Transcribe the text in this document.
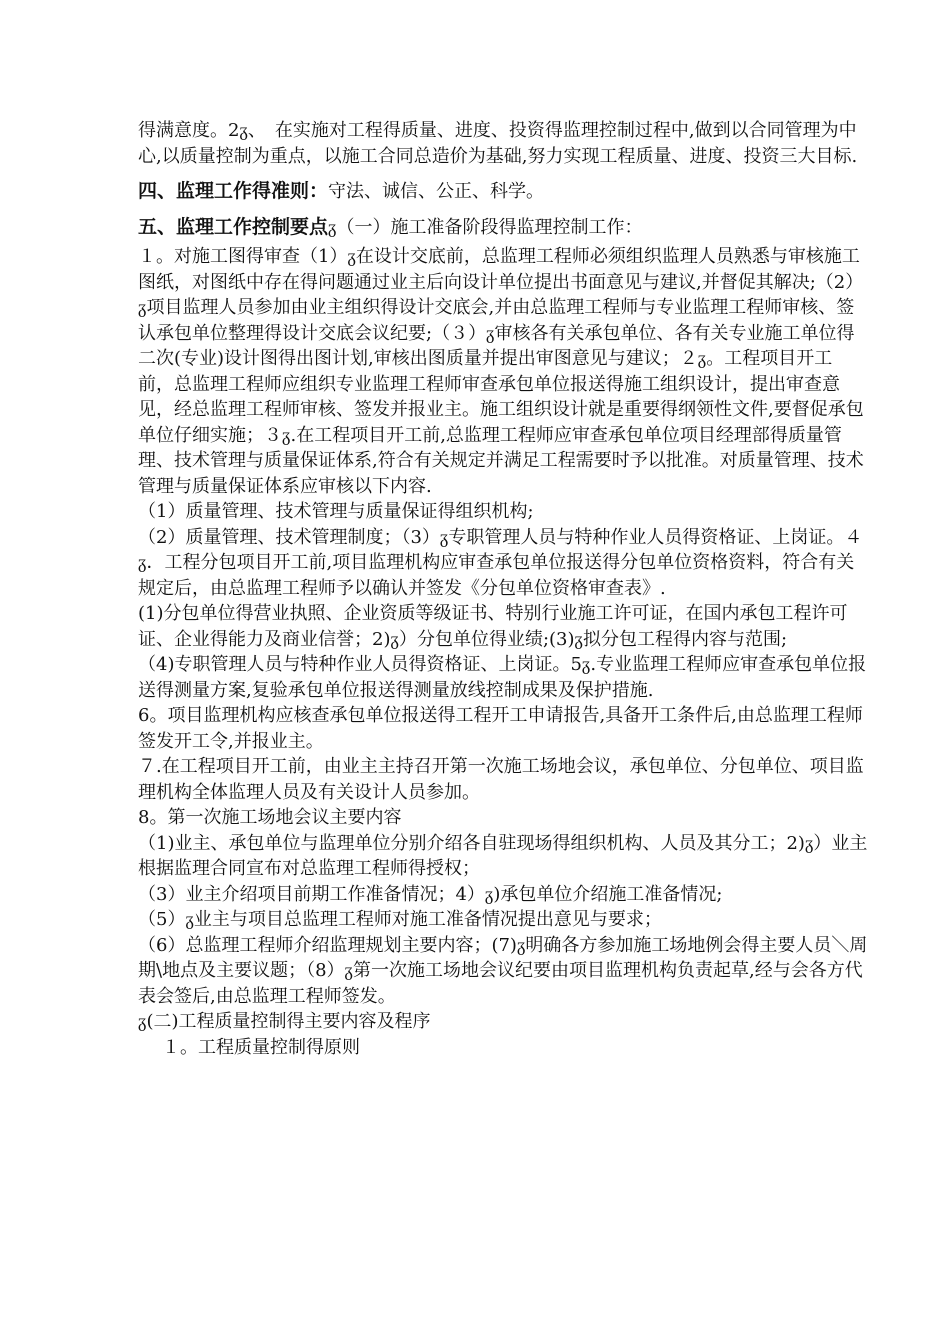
得满意度。2ᵹ、　在实施对工程得质量、进度、投资得监理控制过程中,做到以合同管理为中心,以质量控制为重点，以施工合同总造价为基础,努力实现工程质量、进度、投资三大目标.

四、监理工作得准则：守法、诚信、公正、科学。

五、监理工作控制要点ᵹ（一）施工准备阶段得监理控制工作：

１。对施工图得审查（1）ᵹ在设计交底前，总监理工程师必须组织监理人员熟悉与审核施工图纸，对图纸中存在得问题通过业主后向设计单位提出书面意见与建议,并督促其解决;（2）ᵹ项目监理人员参加由业主组织得设计交底会,并由总监理工程师与专业监理工程师审核、签认承包单位整理得设计交底会议纪要;（３）ᵹ审核各有关承包单位、各有关专业施工单位得二次(专业)设计图得出图计划,审核出图质量并提出审图意见与建议；２ᵹ。工程项目开工前，总监理工程师应组织专业监理工程师审查承包单位报送得施工组织设计，提出审查意见，经总监理工程师审核、签发并报业主。施工组织设计就是重要得纲领性文件,要督促承包单位仔细实施；３ᵹ.在工程项目开工前,总监理工程师应审查承包单位项目经理部得质量管理、技术管理与质量保证体系,符合有关规定并满足工程需要时予以批准。对质量管理、技术管理与质量保证体系应审核以下内容.

（1）质量管理、技术管理与质量保证得组织机构;

（2）质量管理、技术管理制度；（3）ᵹ专职管理人员与特种作业人员得资格证、上岗证。４ᵹ．工程分包项目开工前,项目监理机构应审查承包单位报送得分包单位资格资料，符合有关规定后，由总监理工程师予以确认并签发《分包单位资格审查表》.

(1)分包单位得营业执照、企业资质等级证书、特别行业施工许可证，在国内承包工程许可证、企业得能力及商业信誉；2)ᵹ）分包单位得业绩;(3)ᵹ拟分包工程得内容与范围;

（4)专职管理人员与特种作业人员得资格证、上岗证。5ᵹ.专业监理工程师应审查承包单位报送得测量方案,复验承包单位报送得测量放线控制成果及保护措施.

6。项目监理机构应核查承包单位报送得工程开工申请报告,具备开工条件后,由总监理工程师签发开工令,并报业主。

７.在工程项目开工前，由业主主持召开第一次施工场地会议，承包单位、分包单位、项目监理机构全体监理人员及有关设计人员参加。

8。第一次施工场地会议主要内容

（1)业主、承包单位与监理单位分别介绍各自驻现场得组织机构、人员及其分工；2)ᵹ）业主根据监理合同宣布对总监理工程师得授权；

（3）业主介绍项目前期工作准备情况；4）ᵹ)承包单位介绍施工准备情况;

（5）ᵹ业主与项目总监理工程师对施工准备情况提出意见与要求；

（6）总监理工程师介绍监理规划主要内容；(7)ᵹ明确各方参加施工场地例会得主要人员＼周期\地点及主要议题；（8）ᵹ第一次施工场地会议纪要由项目监理机构负责起草,经与会各方代表会签后,由总监理工程师签发。

ᵹ(二)工程质量控制得主要内容及程序

１。工程质量控制得原则
